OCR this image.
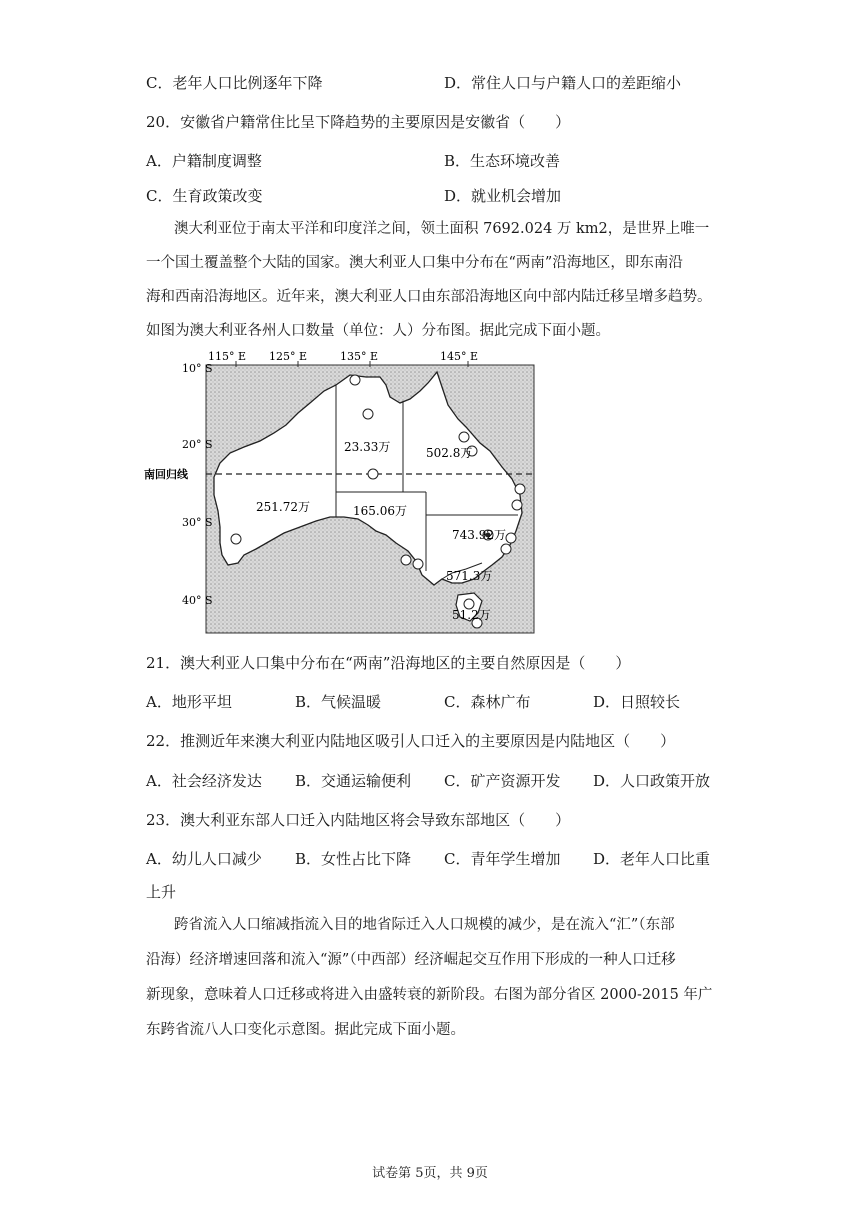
C．老年人口比例逐年下降	D．常住人口与户籍人口的差距缩小
20．安徽省户籍常住比呈下降趋势的主要原因是安徽省（　　）
A．户籍制度调整	B．生态环境改善
C．生育政策改变	D．就业机会增加
澳大利亚位于南太平洋和印度洋之间，领土面积 7692.024 万 km2，是世界上唯一
一个国土覆盖整个大陆的国家。澳大利亚人口集中分布在“两南”沿海地区，即东南沿
海和西南沿海地区。近年来，澳大利亚人口由东部沿海地区向中部内陆迁移呈增多趋势。
如图为澳大利亚各州人口数量（单位：人）分布图。据此完成下面小题。
115° E 125° E	135° E	145° E
10° S
20° S
30° S
40° S
南回归线
23.33万	502.8万
251.72万	165.06万
743.92万
571.3万
51.2万
21．澳大利亚人口集中分布在“两南”沿海地区的主要自然原因是（　　）
A．地形平坦	B．气候温暖	C．森林广布	D．日照较长
22．推测近年来澳大利亚内陆地区吸引人口迁入的主要原因是内陆地区（　　）
A．社会经济发达 B．交通运输便利 C．矿产资源开发 D．人口政策开放
23．澳大利亚东部人口迁入内陆地区将会导致东部地区（　　）
A．幼儿人口减少 B．女性占比下降 C．青年学生增加 D．老年人口比重
上升
跨省流入人口缩减指流入目的地省际迁入人口规模的减少，是在流入“汇”（东部
沿海）经济增速回落和流入“源”（中西部）经济崛起交互作用下形成的一种人口迁移
新现象，意味着人口迁移或将进入由盛转衰的新阶段。右图为部分省区 2000-2015 年广
东跨省流八人口变化示意图。据此完成下面小题。
试卷第 5页，共 9页
